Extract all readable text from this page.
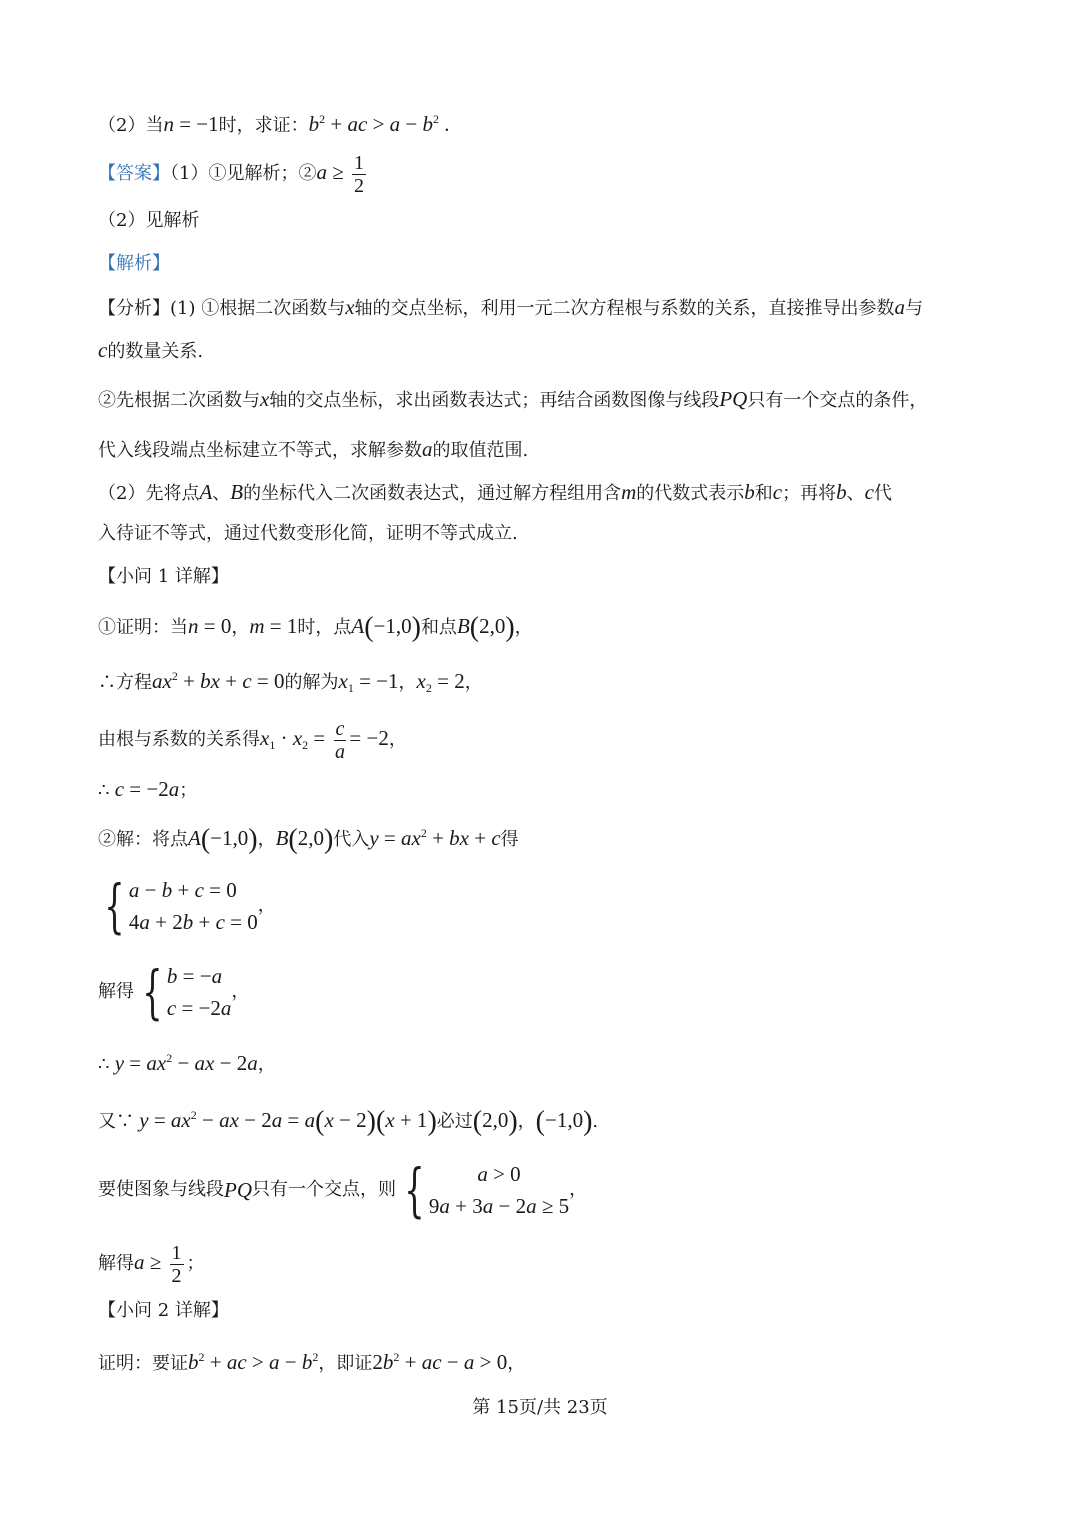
（2）当n = −1时，求证：$b^2$ + ac > $a - b^2$ .
【答案】（1）①见解析；②a ≥ $\frac{1}{2}$
（2）见解析
【解析】
【分析】(1) ①根据二次函数与x轴的交点坐标，利用一元二次方程根与系数的关系，直接推导出参数a与
c的数量关系.
②先根据二次函数与x轴的交点坐标，求出函数表达式；再结合函数图像与线段PQ只有一个交点的条件，
代入线段端点坐标建立不等式，求解参数a的取值范围.
（2）先将点A、B的坐标代入二次函数表达式，通过解方程组用含m的代数式表示b和c；再将b、c代
入待证不等式，通过代数变形化简，证明不等式成立.
【小问 1 详解】
①证明：当n = 0，m = 1时，点A(−1,0)和点B(2,0)，
∴方程$ax^2$ + bx + c = 0的解为$x_1 = -1$，$x_2 = 2$，
由根与系数的关系得$x_1 \cdot x_2 = \frac{c}{a} = -2$，
∴ c = −2a；
②解：将点A(−1,0)，B(2,0)代入$y = ax^2$ + bx + c得
{ a − b + c = 0
4a + 2b + c = 0
，
解得 { b = −a
c = −2a
，
∴ $y = ax^2$ − ax − 2a，
又∵ $y = ax^2$ − ax − 2a = a(x − 2)(x + 1)必过(2,0)，(−1,0).
要使图象与线段 PQ 只有一个交点，则 {	a > 0
9a + 3a − 2a ≥ 5
，
解得$a \ge \frac{1}{2}$ ；
【小问 2 详解】
证明：要证$b^2$ + ac > $a - b^2$，即证$2b^2$ + ac − a > 0，
第 15页/共 23页
